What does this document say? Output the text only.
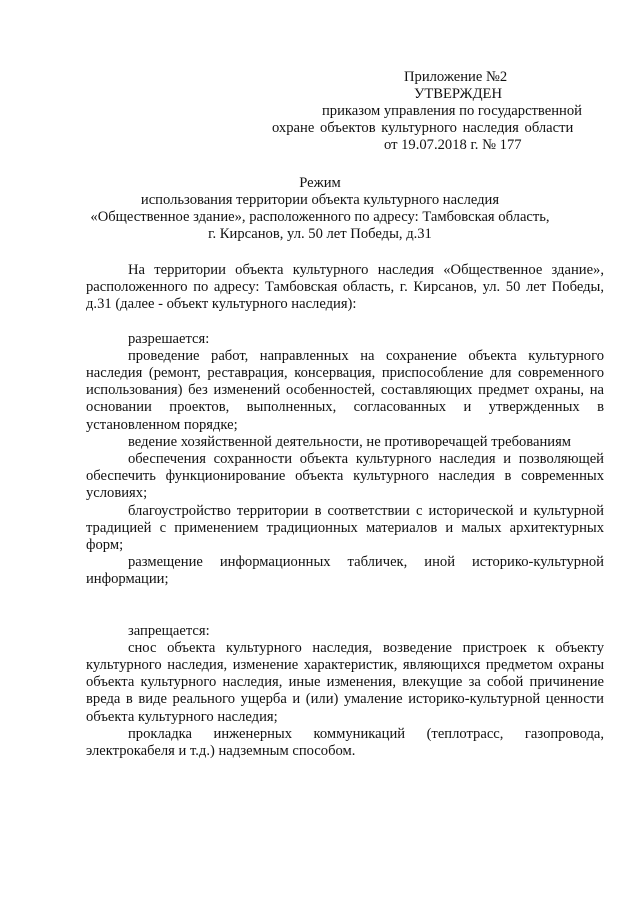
Приложение №2
УТВЕРЖДЕН
приказом управления по государственной
охране объектов культурного наследия области
от 19.07.2018 г. № 177
Режим
использования территории объекта культурного наследия
«Общественное здание», расположенного по адресу: Тамбовская область,
г. Кирсанов, ул. 50 лет Победы, д.31

На территории объекта культурного наследия «Общественное здание», расположенного по адресу: Тамбовская область, г. Кирсанов, ул. 50 лет Победы, д.31 (далее - объект культурного наследия):

разрешается:

проведение работ, направленных на сохранение объекта культурного наследия (ремонт, реставрация, консервация, приспособление для современного использования) без изменений особенностей, составляющих предмет охраны, на основании проектов, выполненных, согласованных и утвержденных в установленном порядке;

ведение хозяйственной деятельности, не противоречащей требованиям

обеспечения сохранности объекта культурного наследия и позволяющей обеспечить функционирование объекта культурного наследия в современных условиях;

благоустройство территории в соответствии с исторической и культурной традицией с применением традиционных материалов и малых архитектурных форм;

размещение информационных табличек, иной историко-культурной информации;

запрещается:

снос объекта культурного наследия, возведение пристроек к объекту культурного наследия, изменение характеристик, являющихся предметом охраны объекта культурного наследия, иные изменения, влекущие за собой причинение вреда в виде реального ущерба и (или) умаление историко-культурной ценности объекта культурного наследия;

прокладка инженерных коммуникаций (теплотрасс, газопровода, электрокабеля и т.д.) надземным способом.
